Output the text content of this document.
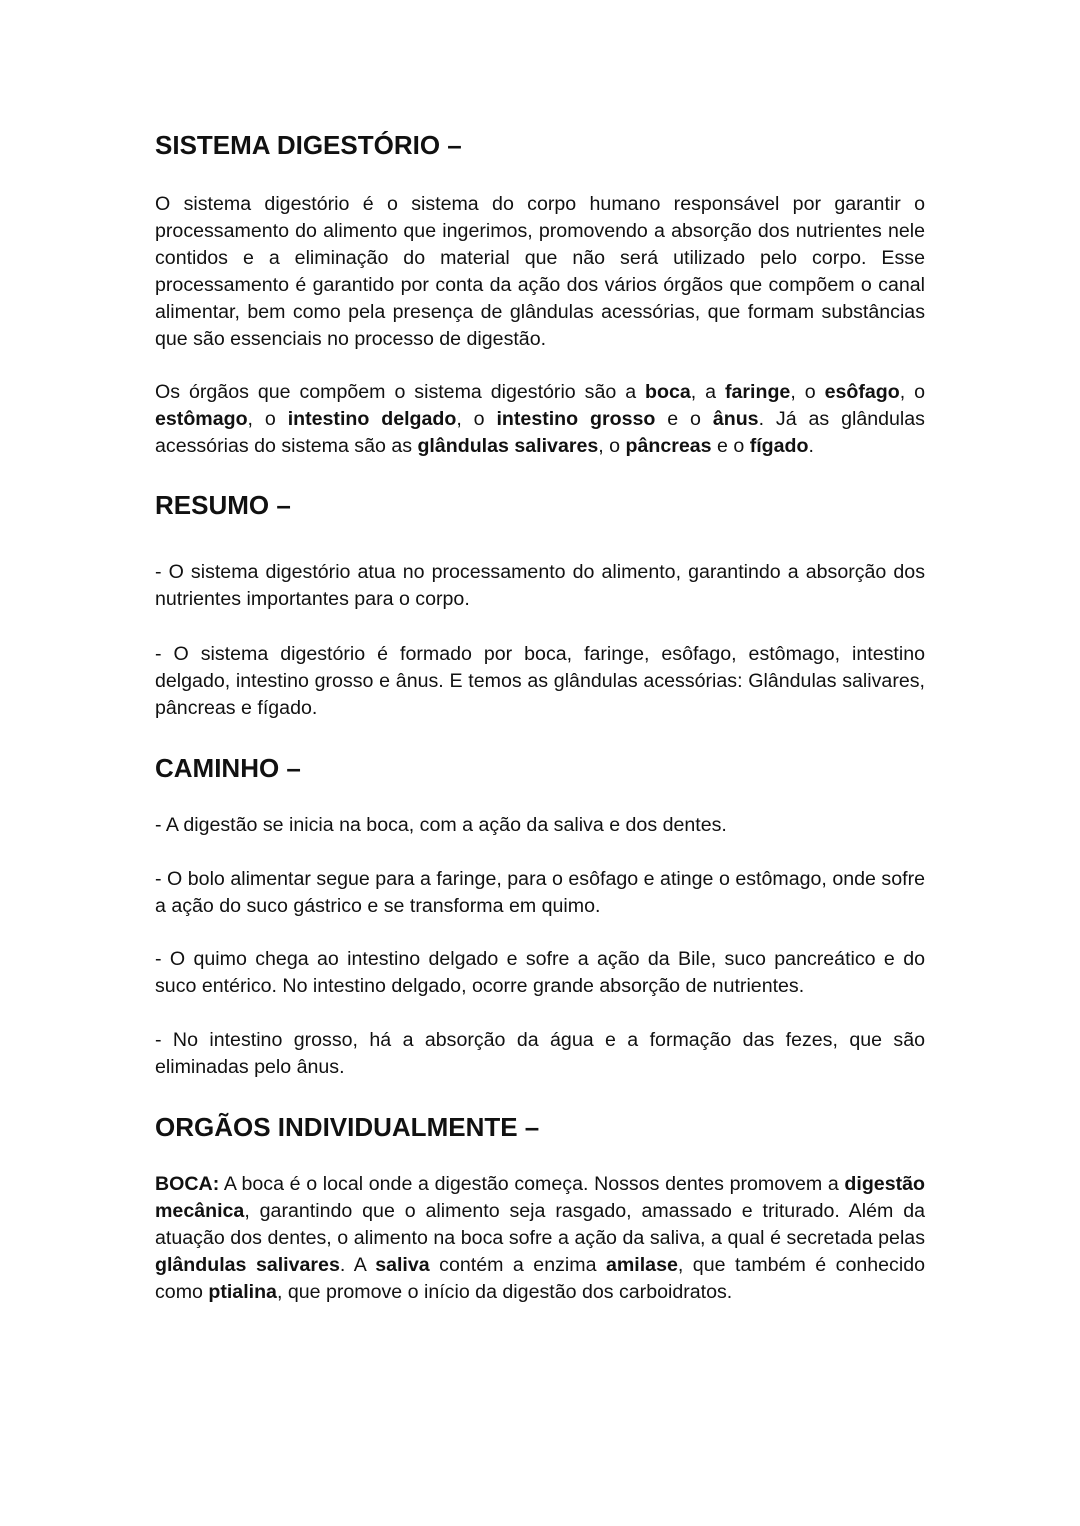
SISTEMA DIGESTÓRIO –

O sistema digestório é o sistema do corpo humano responsável por garantir o processamento do alimento que ingerimos, promovendo a absorção dos nutrientes nele contidos e a eliminação do material que não será utilizado pelo corpo. Esse processamento é garantido por conta da ação dos vários órgãos que compõem o canal alimentar, bem como pela presença de glândulas acessórias, que formam substâncias que são essenciais no processo de digestão.

Os órgãos que compõem o sistema digestório são a boca, a faringe, o esôfago, o estômago, o intestino delgado, o intestino grosso e o ânus. Já as glândulas acessórias do sistema são as glândulas salivares, o pâncreas e o fígado.

RESUMO –

- O sistema digestório atua no processamento do alimento, garantindo a absorção dos nutrientes importantes para o corpo.

- O sistema digestório é formado por boca, faringe, esôfago, estômago, intestino delgado, intestino grosso e ânus. E temos as glândulas acessórias: Glândulas salivares, pâncreas e fígado.

CAMINHO –

- A digestão se inicia na boca, com a ação da saliva e dos dentes.

- O bolo alimentar segue para a faringe, para o esôfago e atinge o estômago, onde sofre a ação do suco gástrico e se transforma em quimo.

- O quimo chega ao intestino delgado e sofre a ação da Bile, suco pancreático e do suco entérico. No intestino delgado, ocorre grande absorção de nutrientes.

- No intestino grosso, há a absorção da água e a formação das fezes, que são eliminadas pelo ânus.

ORGÃOS INDIVIDUALMENTE –

BOCA: A boca é o local onde a digestão começa. Nossos dentes promovem a digestão mecânica, garantindo que o alimento seja rasgado, amassado e triturado. Além da atuação dos dentes, o alimento na boca sofre a ação da saliva, a qual é secretada pelas glândulas salivares. A saliva contém a enzima amilase, que também é conhecido como ptialina, que promove o início da digestão dos carboidratos.
